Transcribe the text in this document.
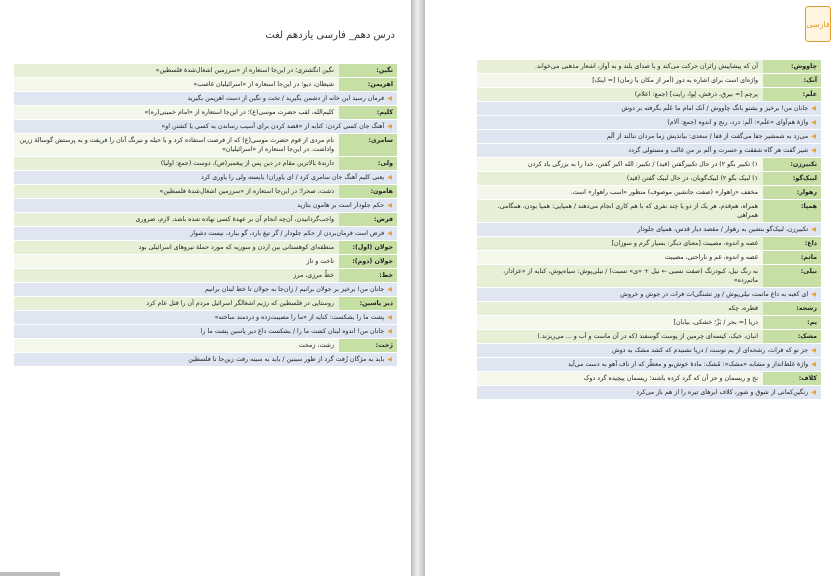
درس دهم_ فارسی یازدهم لغت
نگین:
نگین انگشتری؛ در این‌جا استعاره از «سرزمین اشغال‌شدهٔ فلسطین»
اهریمن:
شیطان، دیو؛ در این‌جا استعاره از «اسرائیلیان غاصب»
◀فرمان رسید این خانه از دشمن بگیرید / تخت و نگین از دست اهریمن بگیرید
کلیم:
کلیم‌الله، لقب حضرت موسی(ع)؛ در این‌جا استعاره از «امام خمینی(ره)»
◀آهنگ جان کسی کردن: کنایه از «قصد کردن برای آسیب رساندن به کسی یا کشتن او»
سامری:
نام مردی از قوم حضرت موسی(ع) که از فرصت استفاده کرد و با حیله و نیرنگ آنان را فریفت و به پرستش گوسالهٔ زرین واداشت. در این‌جا استعاره از «اسرائیلیان»
ولی:
دارندهٔ بالاترین مقام در دین پس از پیغمبر(ص)، دوست (جمع: اولیا)
◀یعنی کلیم آهنگ جان سامری کرد / ای یاوران! بایسته ولی را یاوری کرد
هامون:
دشت، صحرا؛ در این‌جا استعاره از «سرزمین اشغال‌شدهٔ فلسطین»
◀حکم جلودار است بر هامون بتازید
فرض:
واجب‌گردانیدن، آن‌چه انجام آن بر عهدهٔ کسی نهاده شده باشد، لازم، ضروری
◀فرض است فرمان‌بردن از حکم جلودار / گر تیغ بارد، گو ببارد، نیست دشوار
جولان (اول):
منطقه‌ای کوهستانی بین اردن و سوریه که مورد حملهٔ نیروهای اسرائیلی بود
جولان (دوم):
تاخت و تاز
خط:
خطّ مرزی، مرز
◀جانان من! برخیز بر جولان برانیم / زان‌جا به جولان تا خط لبنان برانیم
دیر یاسین:
روستایی در فلسطین که رژیم اشغالگر اسرائیل مردم آن را قتل عام کرد
◀پشت ما را بشکست: کنایه از «ما را مصیبت‌زده و دردمند ساخته»
◀جانان من! اندوه لبنان کشت ما را / بشکست داغ دیر یاسین پشت ما را
زَخت:
زشت، زمخت
◀باید به مژگان زُفت گرد از طور سینین / باید به سینه رفت زین‌جا تا فلسطین
فارسی
چاووش:
آن که پیشاپیش زائران حرکت می‌کند و با صدای بلند و به آواز، اشعار مذهبی می‌خواند.
آنک:
واژه‌ای است برای اشاره به دور (اَمر از مکان یا زمان) [= اینک]
علَم:
پرچم [= بیرق، درفش، لِوا، رایت] (جمع: اعلام)
◀جانان من! برخیز و بشنو بانگ چاووش / آنک امام ما عَلَم بگرفته بر دوش
◀واژهٔ هم‌آوای «علَم»: اَلَم: درد، رنج و اندوه (جمع: آلام)
◀می‌زد به شمشیر جفا می‌گفت از قفا / سعدی: بیاندیش زما مردان ننالند از اَلَم
◀شیر گفت هر گاه شفقت و حسرت و آلم بر من غالب و مستولی گردد
تکبیرزن:
۱) تکبیر بگو ۲) در حال تکبیرگفتن (قید) / تکبیر: الله اکبر گفتن، خدا را به بزرگی یاد کردن
لبیک‌گو:
۱) لبیک بگو ۲) لبیک‌گویان، در حال لبیک گفتن (قید)
رهوار:
مخفف «راهوار» (صفت جانشین موصوف) منظور «اسب راهوار» است.
همپا:
همراه، هم‌قدم، هر یک از دو یا چند نفری که با هم کاری انجام می‌دهند / همپایی: همپا بودن، همگامی، همراهی
◀تکبیرزن، لبیک‌گو بنشین به رهوار / مقصد دیار قدس، همپای جلودار
داغ:
غصه و اندوه، مصیبت [معنای دیگر: بسیار گرم و سوزان]
ماتم:
غصه و اندوه، غم و ناراحتی، مصیبت
نیلی:
به رنگ نیل، کبودرنگ (صفت نسبی ← نیل + «ی» نسبت) / نیلی‌پوش: سیاه‌پوش، کنایه از «عزادار، ماتم‌زده»
◀ای کعبه به داغ ماتمت نیلی‌پوش / وز تشنگی‌ات فرات در جوش و خروش
زشحه:
قطره، چکه
یم:
دریا [= بحر / بَزّ؛ خشکی، بیابان]
مشک:
انبان، خیک، کیسه‌ای چرمین از پوست گوسفند (که در آن ماست و آب و ... می‌ریزند.)
◀جز تو که فرات، رشحه‌ای از یم توست / دریا نشنیدم که کشد مشک به دوش
◀واژهٔ غلط‌انداز و مشابه «مشک»: مُشک: مادهٔ خوش‌بو و معطّر که از ناف آهو به دست می‌آید
کلاف:
نخ و ریسمان و جز آن که گرد کرده باشند؛ ریسمان پیچیده گرد دوک
◀رنگین‌کمانی از شوق و شور، کلاف ابرهای تیره را از هم باز می‌کرد
